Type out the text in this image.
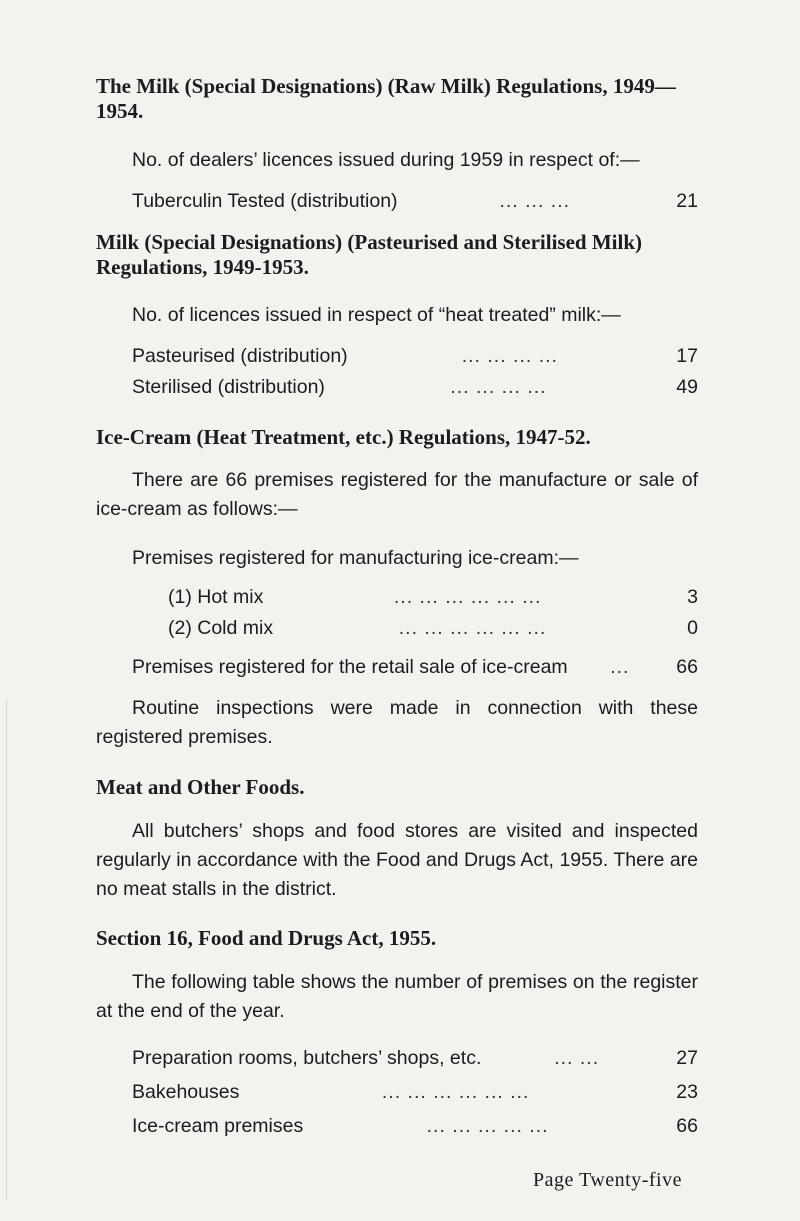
The Milk (Special Designations) (Raw Milk) Regulations, 1949— 1954.
No. of dealers’ licences issued during 1959 in respect of:—
Tuberculin Tested (distribution)	... ... ...	21
Milk (Special Designations) (Pasteurised and Sterilised Milk) Regulations, 1949-1953.
No. of licences issued in respect of “heat treated” milk:—
Pasteurised (distribution)	... ... ... ...	17
Sterilised (distribution)	... ... ... ...	49
Ice-Cream (Heat Treatment, etc.) Regulations, 1947-52.
There are 66 premises registered for the manufacture or sale of ice-cream as follows:—
Premises registered for manufacturing ice-cream:—
(1) Hot mix	... ... ... ... ... ...	3
(2) Cold mix	... ... ... ... ... ...	0
Premises registered for the retail sale of ice-cream	...	66
Routine inspections were made in connection with these registered premises.
Meat and Other Foods.
All butchers’ shops and food stores are visited and inspected regularly in accordance with the Food and Drugs Act, 1955. There are no meat stalls in the district.
Section 16, Food and Drugs Act, 1955.
The following table shows the number of premises on the register at the end of the year.
Preparation rooms, butchers’ shops, etc.	... ...	27
Bakehouses	... ... ... ... ... ...	23
Ice-cream premises	... ... ... ... ...	66
Page Twenty-five
